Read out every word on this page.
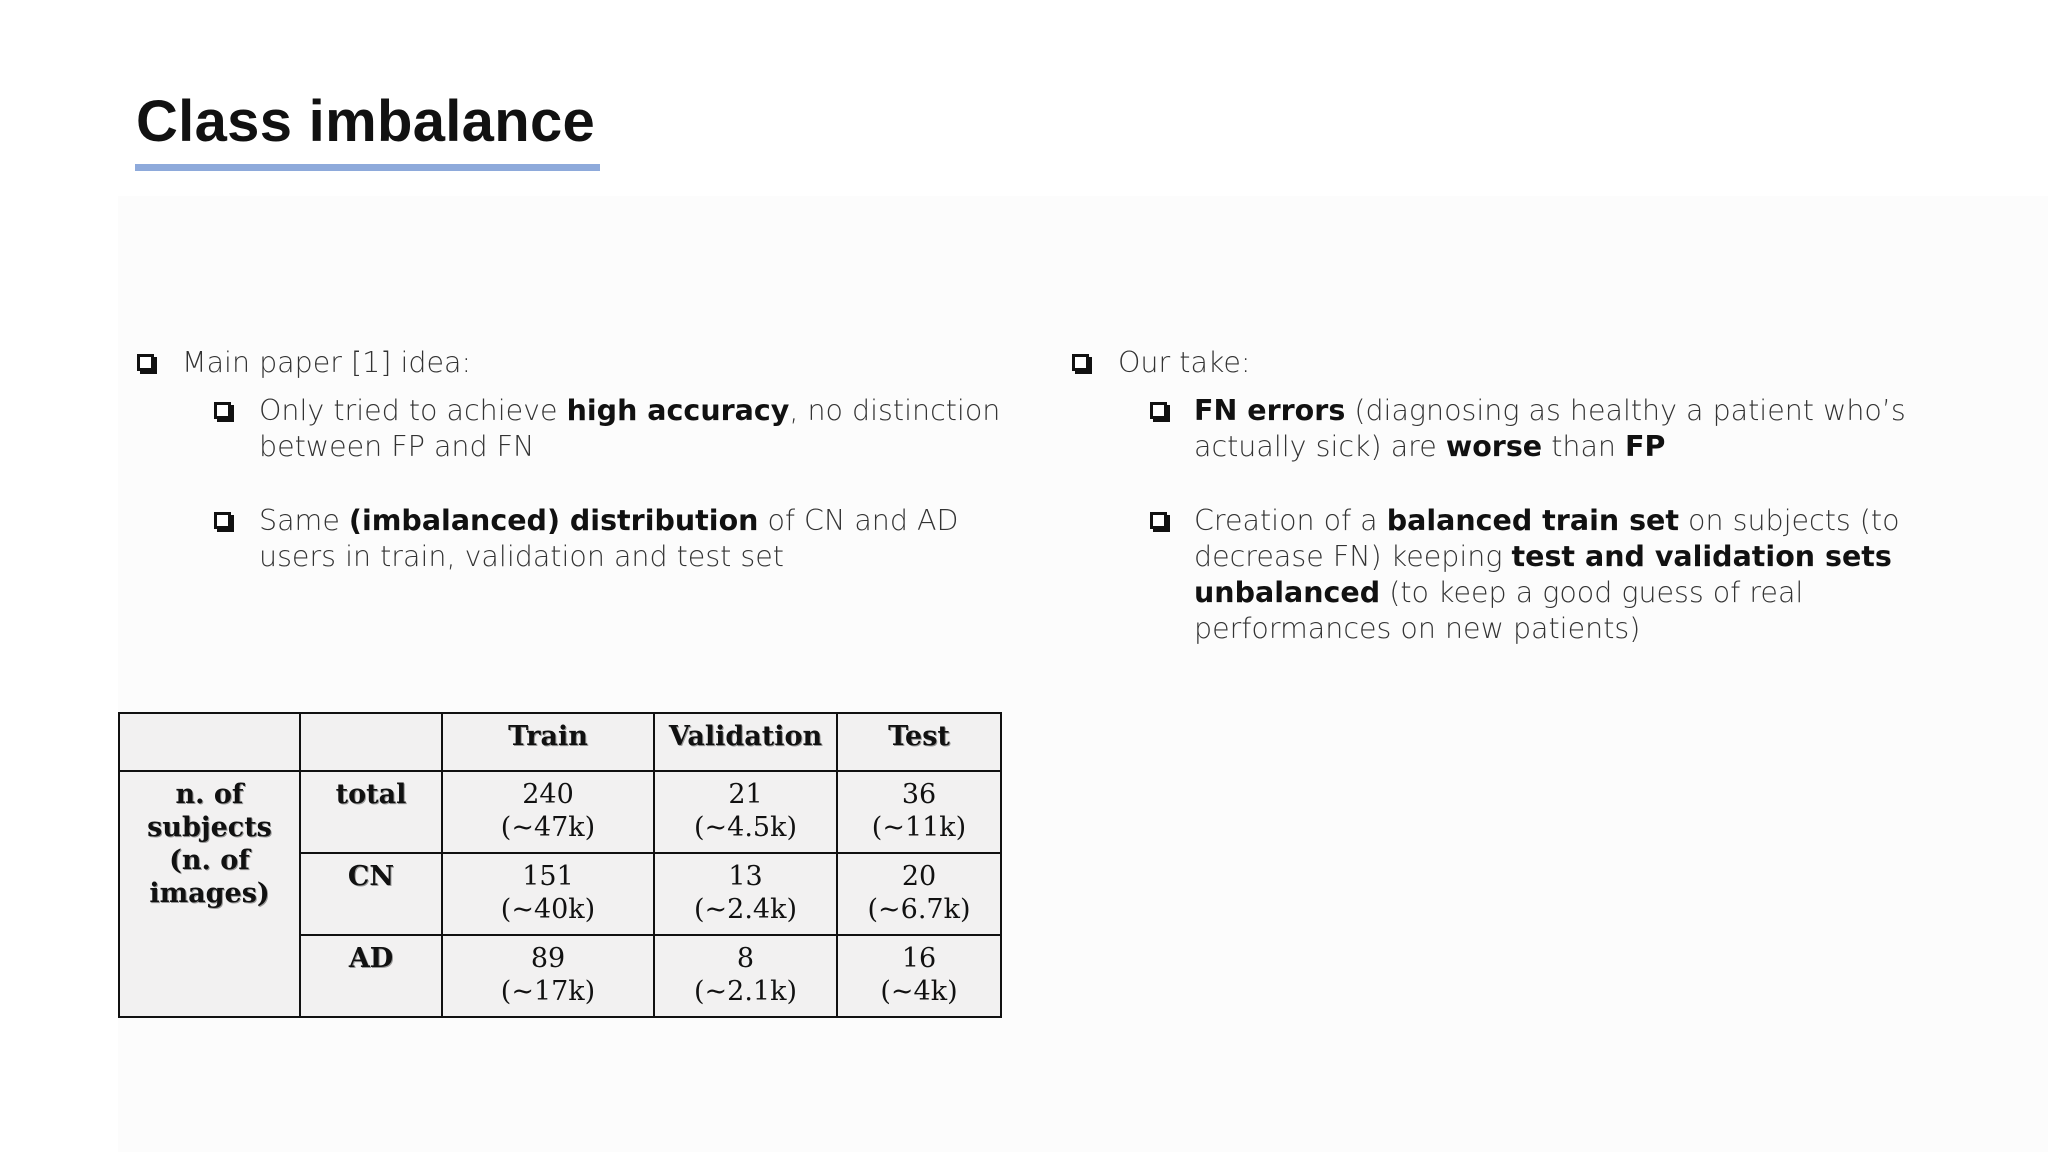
Class imbalance
Main paper [1] idea:
Only tried to achieve high accuracy, no distinction between FP and FN
Same (imbalanced) distribution of CN and AD users in train, validation and test set
Our take:
FN errors (diagnosing as healthy a patient who’s actually sick) are worse than FP
Creation of a balanced train set on subjects (to decrease FN) keeping test and validation sets unbalanced (to keep a good guess of real performances on new patients)
		Train	Validation	Test

n. of subjects (n. of images)	total	240 (~47k)	21 (~4.5k)	36 (~11k)

	CN	151 (~40k)	13 (~2.4k)	20 (~6.7k)

	AD	89 (~17k)	8 (~2.1k)	16 (~4k)
